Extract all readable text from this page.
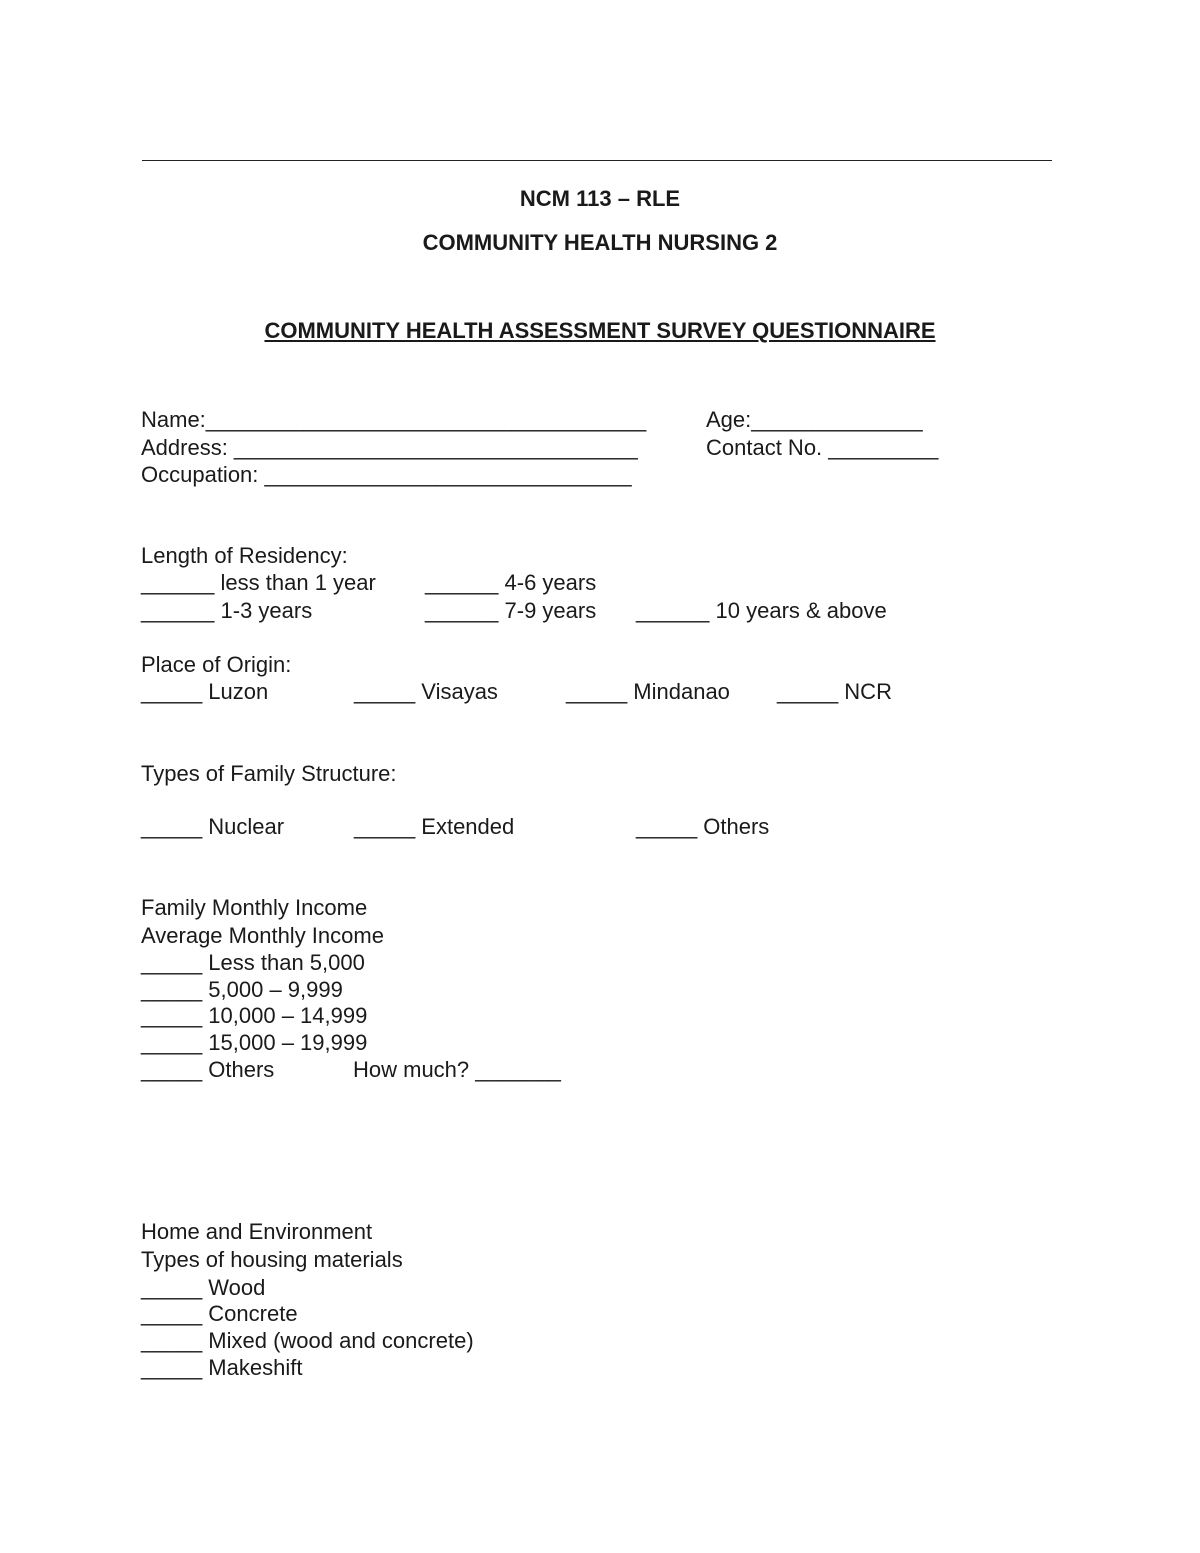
NCM 113 – RLE
COMMUNITY HEALTH NURSING 2
COMMUNITY HEALTH ASSESSMENT SURVEY QUESTIONNAIRE
Name:____________________________________	Age:______________
Address: _________________________________	Contact No. _________
Occupation: ______________________________
Length of Residency:
______ less than 1 year ______ 4-6 years
______ 1-3 years	______ 7-9 years ______ 10 years & above
Place of Origin:
_____ Luzon	_____ Visayas	_____ Mindanao _____ NCR
Types of Family Structure:
_____ Nuclear	_____ Extended	_____ Others
Family Monthly Income
Average Monthly Income
_____ Less than 5,000
_____ 5,000 – 9,999
_____ 10,000 – 14,999
_____ 15,000 – 19,999
_____ Others	How much? _______
Home and Environment
Types of housing materials
_____ Wood
_____ Concrete
_____ Mixed (wood and concrete)
_____ Makeshift
